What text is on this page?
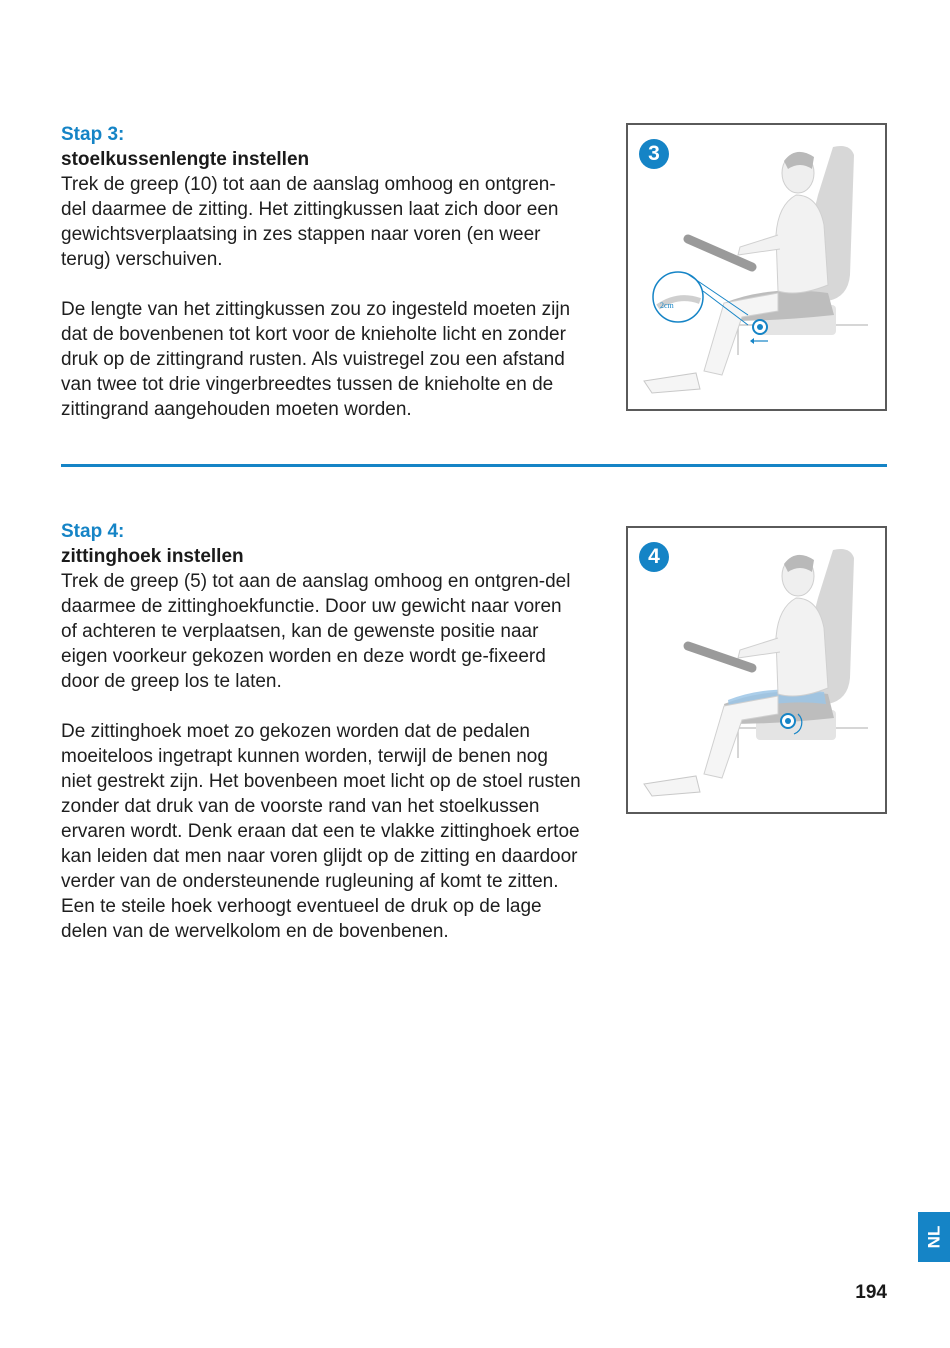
Stap 3:

stoelkussenlengte instellen

Trek de greep (10) tot aan de aanslag omhoog en ontgren-del daarmee de zitting. Het zittingkussen laat zich door een gewichtsverplaatsing in zes stappen naar voren (en weer terug) verschuiven.

De lengte van het zittingkussen zou zo ingesteld moeten zijn dat de bovenbenen tot kort voor de knieholte licht en zonder druk op de zittingrand rusten. Als vuistregel zou een afstand van twee tot drie vingerbreedtes tussen de knieholte en de zittingrand aangehouden moeten worden.

2cm
3

Stap 4:

zittinghoek instellen

Trek de greep (5) tot aan de aanslag omhoog en ontgren-del daarmee de zittinghoekfunctie. Door uw gewicht naar voren of achteren te verplaatsen, kan de gewenste positie naar eigen voorkeur gekozen worden en deze wordt ge-fixeerd door de greep los te laten.

De zittinghoek moet zo gekozen worden dat de pedalen moeiteloos ingetrapt kunnen worden, terwijl de benen nog niet gestrekt zijn. Het bovenbeen moet licht op de stoel rusten zonder dat druk van de voorste rand van het stoelkussen ervaren wordt. Denk eraan dat een te vlakke zittinghoek ertoe kan leiden dat men naar voren glijdt op de zitting en daardoor verder van de ondersteunende rugleuning af komt te zitten. Een te steile hoek verhoogt eventueel de druk op de lage delen van de wervelkolom en de bovenbenen.

4
NL
194
